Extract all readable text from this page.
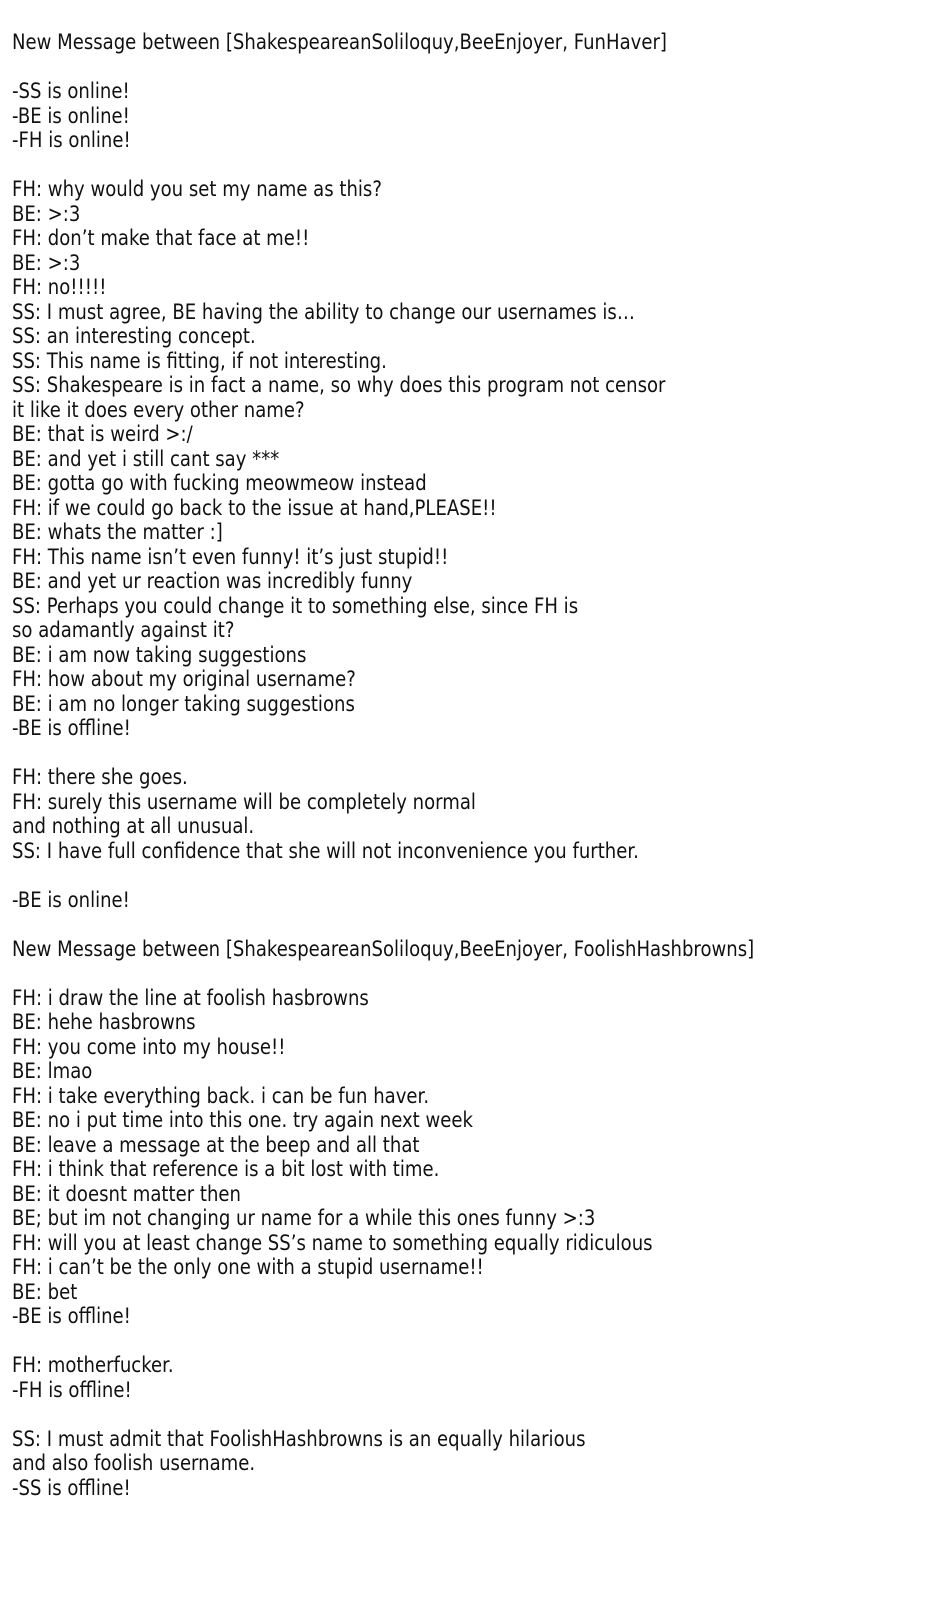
New Message between [ShakespeareanSoliloquy,BeeEnjoyer, FunHaver]
-SS is online!
-BE is online!
-FH is online!
FH: why would you set my name as this?
BE: >:3
FH: don’t make that face at me!!
BE: >:3
FH: no!!!!!
SS: I must agree, BE having the ability to change our usernames is…
SS: an interesting concept.
SS: This name is fitting, if not interesting.
SS: Shakespeare is in fact a name, so why does this program not censor
it like it does every other name?
BE: that is weird >:/
BE: and yet i still cant say ***
BE: gotta go with fucking meowmeow instead
FH: if we could go back to the issue at hand,PLEASE!!
BE: whats the matter :]
FH: This name isn’t even funny! it’s just stupid!!
BE: and yet ur reaction was incredibly funny
SS: Perhaps you could change it to something else, since FH is
so adamantly against it?
BE: i am now taking suggestions
FH: how about my original username?
BE: i am no longer taking suggestions
-BE is offline!
FH: there she goes.
FH: surely this username will be completely normal
and nothing at all unusual.
SS: I have full confidence that she will not inconvenience you further.
-BE is online!
New Message between [ShakespeareanSoliloquy,BeeEnjoyer, FoolishHashbrowns]
FH: i draw the line at foolish hasbrowns
BE: hehe hasbrowns
FH: you come into my house!!
BE: lmao
FH: i take everything back. i can be fun haver.
BE: no i put time into this one. try again next week
BE: leave a message at the beep and all that
FH: i think that reference is a bit lost with time.
BE: it doesnt matter then
BE; but im not changing ur name for a while this ones funny >:3
FH: will you at least change SS’s name to something equally ridiculous
FH: i can’t be the only one with a stupid username!!
BE: bet
-BE is offline!
FH: motherfucker.
-FH is offline!
SS: I must admit that FoolishHashbrowns is an equally hilarious
and also foolish username.
-SS is offline!
